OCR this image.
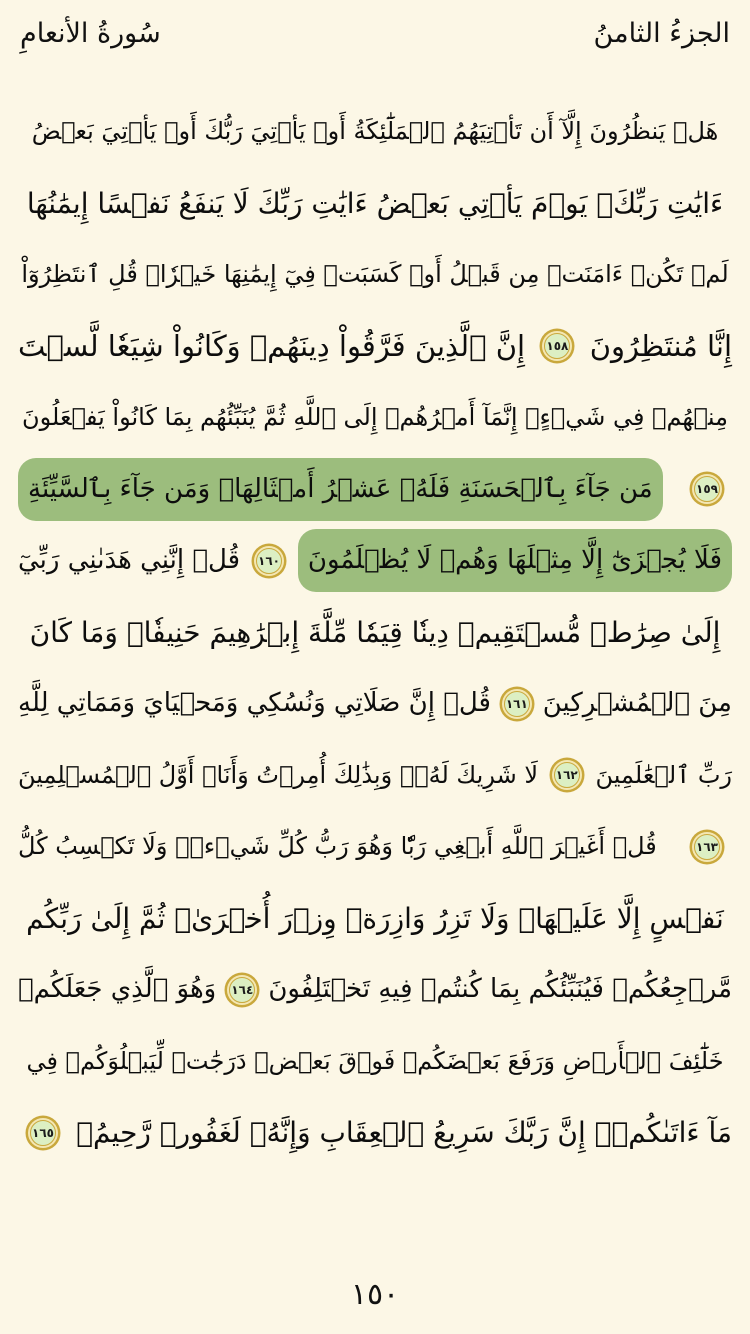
الجزءُ الثامنُ
سُورةُ الأنعامِ
هَلۡ يَنظُرُونَ إِلَّآ أَن تَأۡتِيَهُمُ ٱلۡمَلَٰٓئِكَةُ أَوۡ يَأۡتِيَ رَبُّكَ أَوۡ يَأۡتِيَ بَعۡضُ
ءَايَٰتِ رَبِّكَۗ يَوۡمَ يَأۡتِي بَعۡضُ ءَايَٰتِ رَبِّكَ لَا يَنفَعُ نَفۡسًا إِيمَٰنُهَا
لَمۡ تَكُنۡ ءَامَنَتۡ مِن قَبۡلُ أَوۡ كَسَبَتۡ فِيٓ إِيمَٰنِهَا خَيۡرٗاۗ قُلِ ٱنتَظِرُوٓاْ
إِنَّا مُنتَظِرُونَ
١٥٨
إِنَّ ٱلَّذِينَ فَرَّقُواْ دِينَهُمۡ وَكَانُواْ شِيَعٗا لَّسۡتَ
مِنۡهُمۡ فِي شَيۡءٍۚ إِنَّمَآ أَمۡرُهُمۡ إِلَى ٱللَّهِ ثُمَّ يُنَبِّئُهُم بِمَا كَانُواْ يَفۡعَلُونَ
١٥٩
مَن جَآءَ بِٱلۡحَسَنَةِ فَلَهُۥ عَشۡرُ أَمۡثَالِهَاۖ وَمَن جَآءَ بِٱلسَّيِّئَةِ
فَلَا يُجۡزَىٰٓ إِلَّا مِثۡلَهَا وَهُمۡ لَا يُظۡلَمُونَ
١٦٠
قُلۡ إِنَّنِي هَدَىٰنِي رَبِّيٓ
إِلَىٰ صِرَٰطٖ مُّسۡتَقِيمٖ دِينٗا قِيَمٗا مِّلَّةَ إِبۡرَٰهِيمَ حَنِيفٗاۚ وَمَا كَانَ
مِنَ ٱلۡمُشۡرِكِينَ
١٦١
قُلۡ إِنَّ صَلَاتِي وَنُسُكِي وَمَحۡيَايَ وَمَمَاتِي لِلَّهِ
رَبِّ ٱلۡعَٰلَمِينَ
١٦٢
لَا شَرِيكَ لَهُۥۖ وَبِذَٰلِكَ أُمِرۡتُ وَأَنَا۠ أَوَّلُ ٱلۡمُسۡلِمِينَ
١٦٣
قُلۡ أَغَيۡرَ ٱللَّهِ أَبۡغِي رَبّٗا وَهُوَ رَبُّ كُلِّ شَيۡءٖۚ وَلَا تَكۡسِبُ كُلُّ
نَفۡسٍ إِلَّا عَلَيۡهَاۚ وَلَا تَزِرُ وَازِرَةٞ وِزۡرَ أُخۡرَىٰۚ ثُمَّ إِلَىٰ رَبِّكُم
مَّرۡجِعُكُمۡ فَيُنَبِّئُكُم بِمَا كُنتُمۡ فِيهِ تَخۡتَلِفُونَ
١٦٤
وَهُوَ ٱلَّذِي جَعَلَكُمۡ
خَلَٰٓئِفَ ٱلۡأَرۡضِ وَرَفَعَ بَعۡضَكُمۡ فَوۡقَ بَعۡضٖ دَرَجَٰتٖ لِّيَبۡلُوَكُمۡ فِي
مَآ ءَاتَىٰكُمۡۗ إِنَّ رَبَّكَ سَرِيعُ ٱلۡعِقَابِ وَإِنَّهُۥ لَغَفُورٞ رَّحِيمُۢ
١٦٥
١٥٠
